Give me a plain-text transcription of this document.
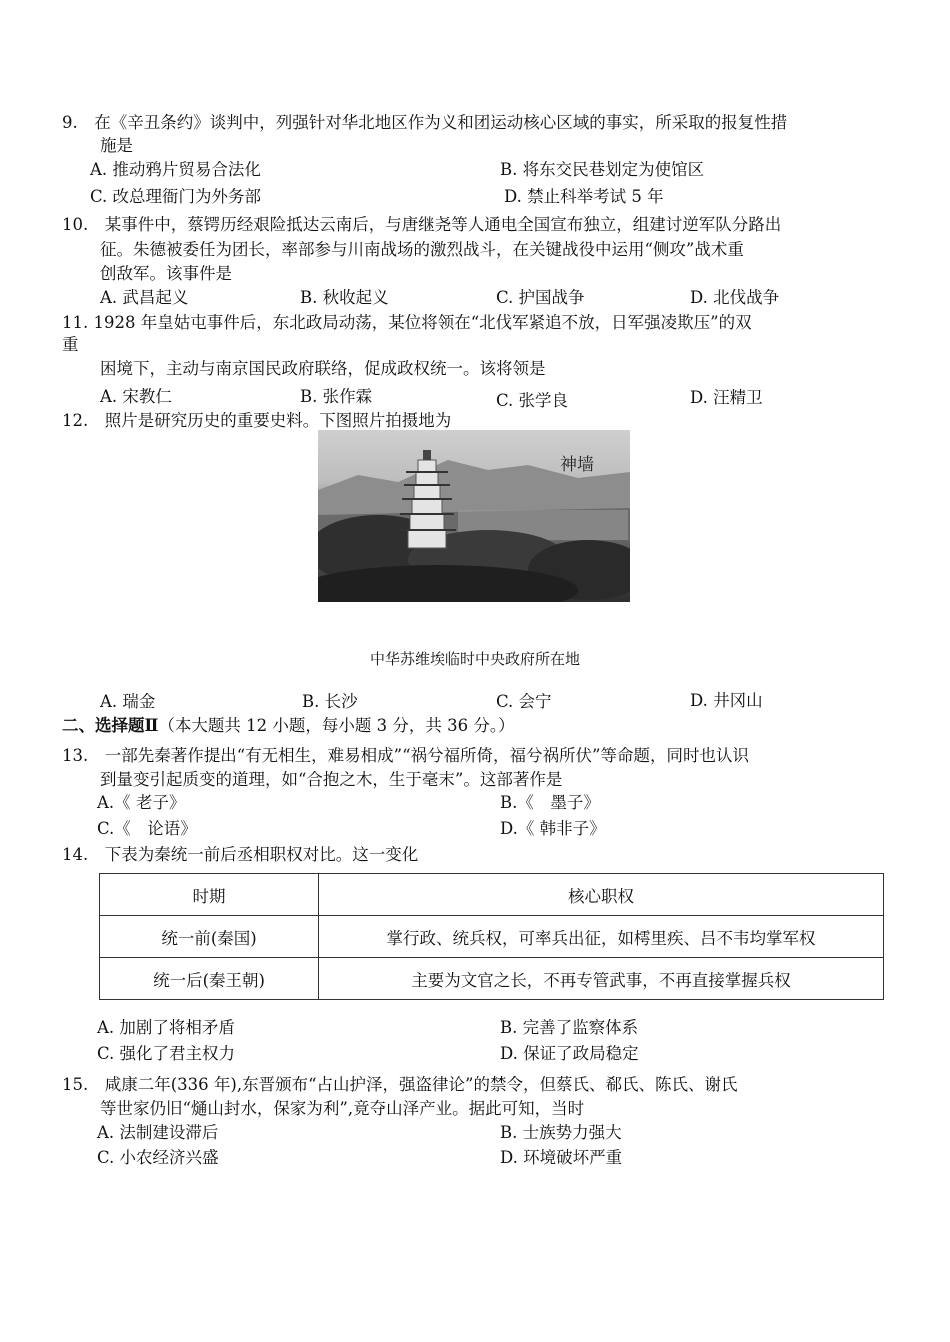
9.　在《辛丑条约》谈判中，列强针对华北地区作为义和团运动核心区域的事实，所采取的报复性措
施是
A. 推动鸦片贸易合法化	B. 将东交民巷划定为使馆区
C. 改总理衙门为外务部	D. 禁止科举考试 5 年
10.　某事件中，蔡锷历经艰险抵达云南后，与唐继尧等人通电全国宣布独立，组建讨逆军队分路出
征。朱德被委任为团长，率部参与川南战场的激烈战斗，在关键战役中运用“侧攻”战术重
创敌军。该事件是
A. 武昌起义	B. 秋收起义	C. 护国战争	D. 北伐战争
11. 1928 年皇姑屯事件后，东北政局动荡，某位将领在“北伐军紧追不放，日军强凌欺压”的双
重
困境下，主动与南京国民政府联络，促成政权统一。该将领是
A. 宋教仁	B. 张作霖	C. 张学良	D. 汪精卫
12.　照片是研究历史的重要史料。下图照片拍摄地为
神墙
中华苏维埃临时中央政府所在地
A. 瑞金	B. 长沙	C. 会宁	D. 井冈山
二、选择题Ⅱ（本大题共 12 小题，每小题 3 分，共 36 分。）
13.　一部先秦著作提出“有无相生，难易相成”“祸兮福所倚，福兮祸所伏”等命题，同时也认识
到量变引起质变的道理，如“合抱之木，生于毫末”。这部著作是
A.《 老子》	B.《　墨子》
C.《　论语》	D.《 韩非子》
14.　下表为秦统一前后丞相职权对比。这一变化
时期	核心职权
统一前(秦国)	掌行政、统兵权，可率兵出征，如樗里疾、吕不韦均掌军权
统一后(秦王朝)	主要为文官之长，不再专管武事，不再直接掌握兵权
A. 加剧了将相矛盾	B. 完善了监察体系
C. 强化了君主权力	D. 保证了政局稳定
15.　咸康二年(336 年),东晋颁布“占山护泽，强盗律论”的禁令，但蔡氏、郗氏、陈氏、谢氏
等世家仍旧“熥山封水，保家为利”,竟夺山泽产业。据此可知，当时
A. 法制建设滞后	B. 士族势力强大
C. 小农经济兴盛	D. 环境破坏严重
